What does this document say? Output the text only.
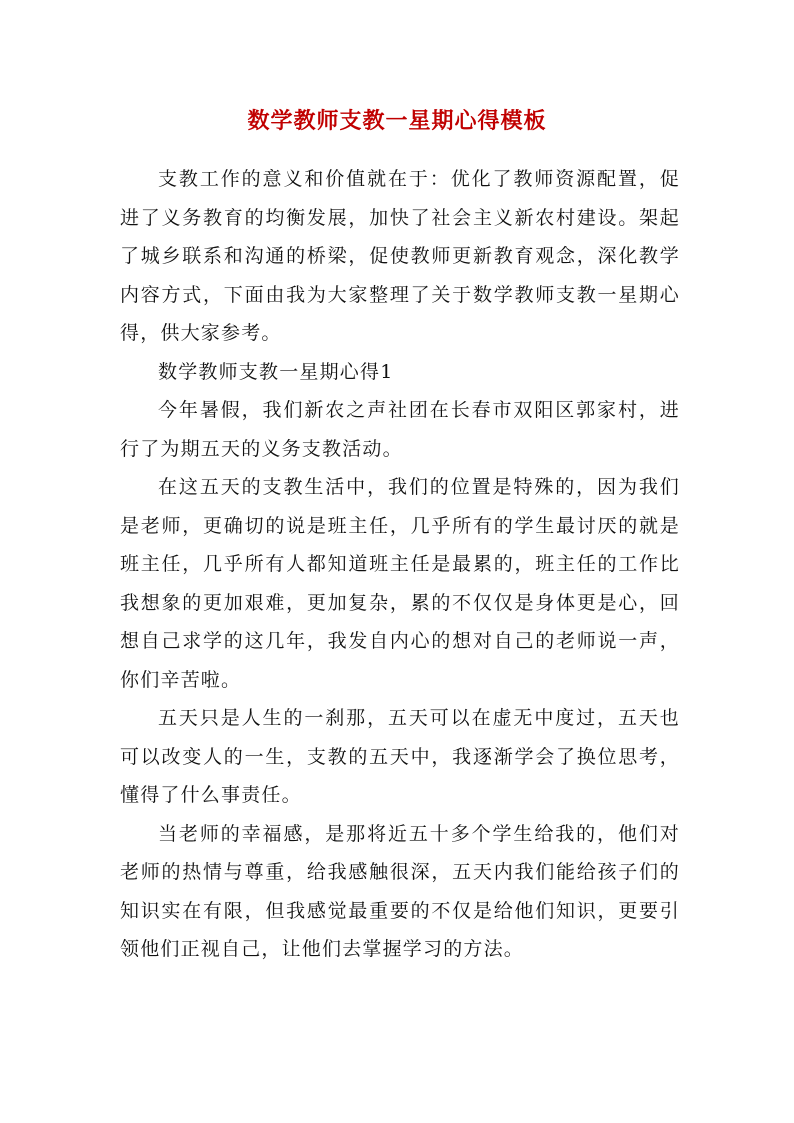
数学教师支教一星期心得模板

支教工作的意义和价值就在于：优化了教师资源配置，促进了义务教育的均衡发展，加快了社会主义新农村建设。架起了城乡联系和沟通的桥梁，促使教师更新教育观念，深化教学内容方式，下面由我为大家整理了关于数学教师支教一星期心得，供大家参考。

数学教师支教一星期心得1

今年暑假，我们新农之声社团在长春市双阳区郭家村，进行了为期五天的义务支教活动。

在这五天的支教生活中，我们的位置是特殊的，因为我们是老师，更确切的说是班主任，几乎所有的学生最讨厌的就是班主任，几乎所有人都知道班主任是最累的，班主任的工作比我想象的更加艰难，更加复杂，累的不仅仅是身体更是心，回想自己求学的这几年，我发自内心的想对自己的老师说一声，你们辛苦啦。

五天只是人生的一刹那，五天可以在虚无中度过，五天也可以改变人的一生，支教的五天中，我逐渐学会了换位思考，懂得了什么事责任。

当老师的幸福感，是那将近五十多个学生给我的，他们对老师的热情与尊重，给我感触很深，五天内我们能给孩子们的知识实在有限，但我感觉最重要的不仅是给他们知识，更要引领他们正视自己，让他们去掌握学习的方法。
